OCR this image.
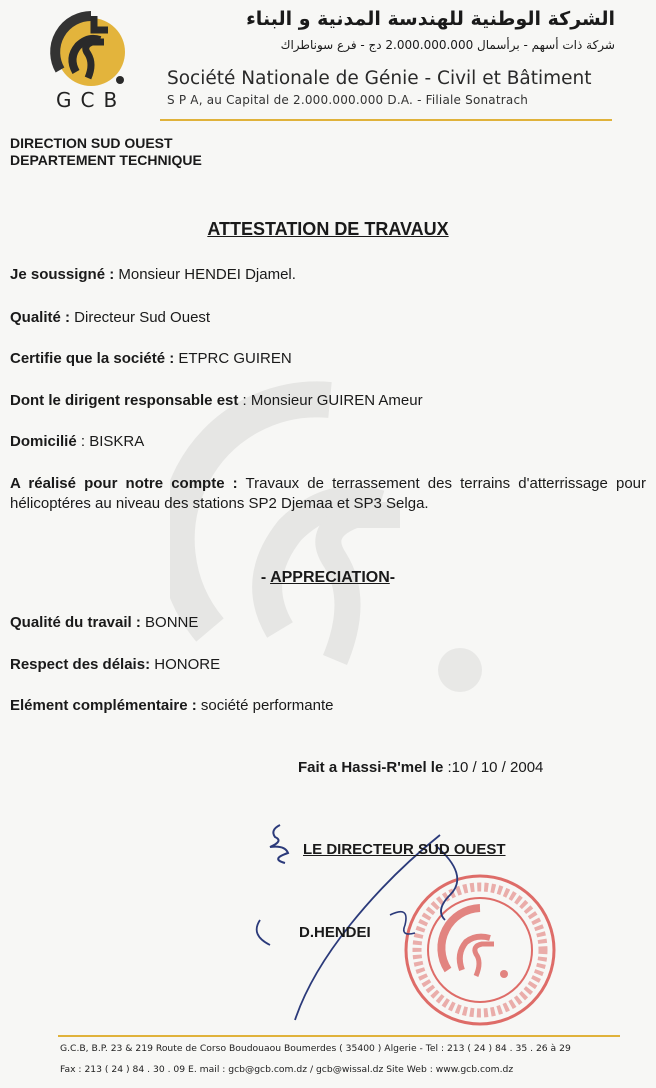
GCB
الشركة الوطنية للهندسة المدنية و البناء
شركة ذات أسهم - برأسمال 2.000.000.000 دج - فرع سوناطراك
Société Nationale de Génie - Civil et Bâtiment
S P A, au Capital de 2.000.000.000 D.A. - Filiale Sonatrach
DIRECTION SUD OUEST
DEPARTEMENT TECHNIQUE
ATTESTATION DE TRAVAUX
Je soussigné : Monsieur HENDEI Djamel.
Qualité : Directeur Sud Ouest
Certifie que la société : ETPRC GUIREN
Dont le dirigent responsable est : Monsieur GUIREN Ameur
Domicilié : BISKRA
A réalisé pour notre compte : Travaux de terrassement des terrains d'atterrissage pour hélicoptéres au niveau des stations SP2 Djemaa et SP3 Selga.
- APPRECIATION-
Qualité du travail : BONNE
Respect des délais: HONORE
Elément complémentaire : société performante
Fait a Hassi-R'mel le :10 / 10 / 2004
LE DIRECTEUR SUD OUEST
D.HENDEI
G.C.B, B.P. 23 & 219 Route de Corso Boudouaou Boumerdes ( 35400 ) Algerie - Tel : 213 ( 24 ) 84 . 35 . 26 à 29
Fax : 213 ( 24 ) 84 . 30 . 09 E. mail : gcb@gcb.com.dz / gcb@wissal.dz Site Web : www.gcb.com.dz
